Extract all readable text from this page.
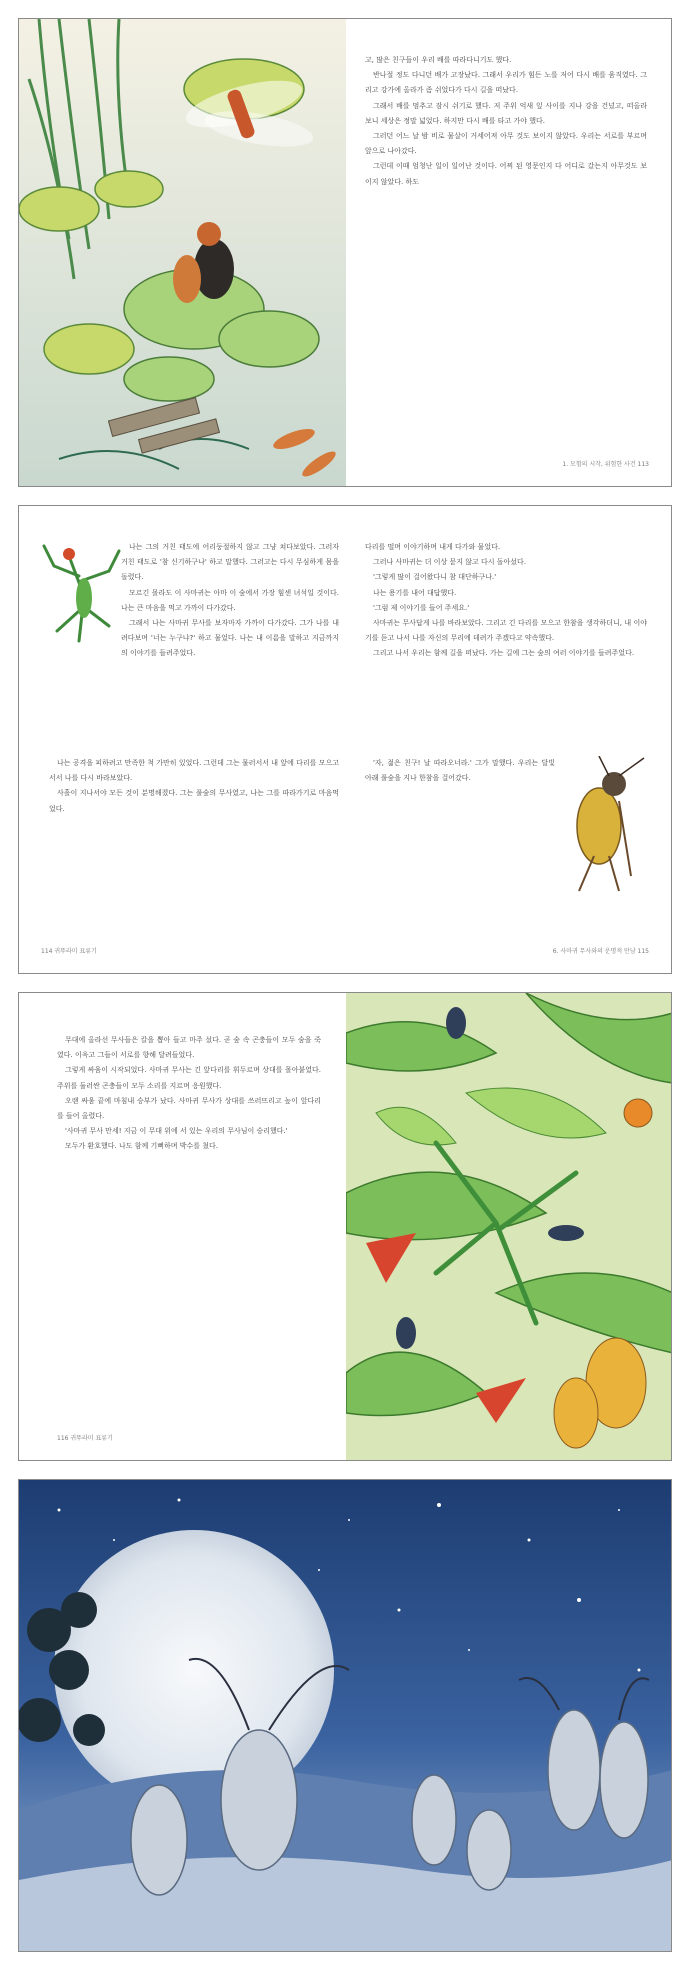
고, 많은 친구들이 우리 배를 따라다니기도 했다.

반나절 정도 다니던 배가 고장났다. 그래서 우리가 힘든 노를 저어 다시 배를 움직였다. 그리고 강가에 올라가 좀 쉬었다가 다시 길을 떠났다.

그래서 배를 멈추고 잠시 쉬기로 했다. 저 주위 억새 잎 사이를 지나 강을 건넜고, 떠올라 보니 세상은 정말 넓었다. 하지만 다시 배를 타고 가야 했다.

그러던 어느 날 밤 비로 물살이 거세어져 아무 것도 보이지 않았다. 우리는 서로를 부르며 앞으로 나아갔다.

그런데 이때 엄청난 일이 일어난 것이다. 어찌 된 영문인지 다 어디로 갔는지 아무것도 보이지 않았다. 하도

1. 모험의 시작, 위험한 사건 113

나는 그의 거친 태도에 어리둥절하지 않고 그냥 쳐다보았다. 그러자 거친 태도로 '참 신기하구나' 하고 말했다. 그러고는 다시 무심하게 몸을 돌렸다.

모르긴 몰라도 이 사마귀는 아마 이 숲에서 가장 힘센 녀석일 것이다. 나는 큰 마음을 먹고 가까이 다가갔다.

그래서 나는 사마귀 무사를 보자마자 가까이 다가갔다. 그가 나를 내려다보며 '너는 누구냐?' 하고 물었다. 나는 내 이름을 말하고 지금까지의 이야기를 들려주었다.

나는 공격을 피하려고 만족한 척 가만히 있었다. 그런데 그는 물러서서 내 앞에 다리를 모으고 서서 나를 다시 바라보았다.

사흘이 지나서야 모든 것이 분명해졌다. 그는 풀숲의 무사였고, 나는 그를 따라가기로 마음먹었다.

114 귀뚜라미 표류기

다리를 떨며 이야기하며 내게 다가와 물었다.

그러나 사마귀는 더 이상 묻지 않고 다시 돌아섰다.

'그렇게 많이 걸어왔다니 참 대단하구나.'

나는 용기를 내어 대답했다.

'그럼 제 이야기를 들어 주세요.'

사마귀는 무사답게 나를 바라보았다. 그리고 긴 다리를 모으고 한참을 생각하더니, 내 이야기를 듣고 나서 나를 자신의 무리에 데려가 주겠다고 약속했다.

그리고 나서 우리는 함께 길을 떠났다. 가는 길에 그는 숲의 여러 이야기를 들려주었다.

'자, 젊은 친구! 날 따라오너라.' 그가 말했다. 우리는 달빛 아래 풀숲을 지나 한참을 걸어갔다.

6. 사마귀 무사와의 운명적 만남 115

무대에 올라선 무사들은 칼을 뽑아 들고 마주 섰다. 곧 숲 속 곤충들이 모두 숨을 죽였다. 이윽고 그들이 서로를 향해 달려들었다.

그렇게 싸움이 시작되었다. 사마귀 무사는 긴 앞다리를 휘두르며 상대를 몰아붙였다. 주위를 둘러싼 곤충들이 모두 소리를 지르며 응원했다.

오랜 싸움 끝에 마침내 승부가 났다. 사마귀 무사가 상대를 쓰러뜨리고 높이 앞다리를 들어 올렸다.

'사마귀 무사 만세! 지금 이 무대 위에 서 있는 우리의 무사님이 승리했다.'

모두가 환호했다. 나도 함께 기뻐하며 박수를 쳤다.

116 귀뚜라미 표류기
